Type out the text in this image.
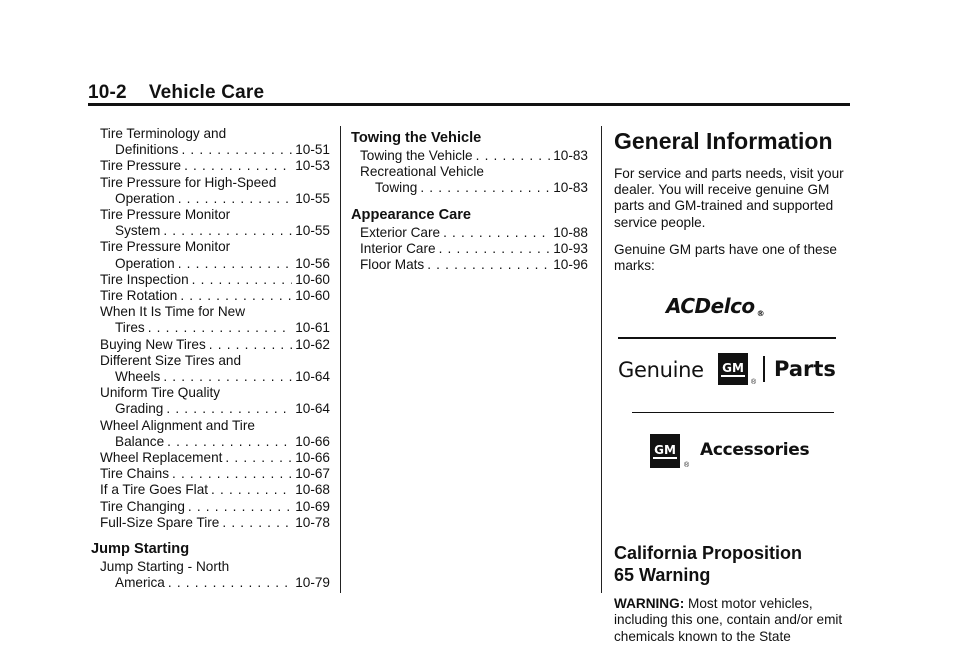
10-2 Vehicle Care
Tire Terminology and
Definitions . . .	10-51
Tire Pressure . . .	10-53
Tire Pressure for High-Speed
Operation . . .	10-55
Tire Pressure Monitor
System . . .	10-55
Tire Pressure Monitor
Operation . . .	10-56
Tire Inspection . . .	10-60
Tire Rotation . . .	10-60
When It Is Time for New
Tires . . .	10-61
Buying New Tires . . .	10-62
Different Size Tires and
Wheels . . .	10-64
Uniform Tire Quality
Grading . . .	10-64
Wheel Alignment and Tire
Balance . . .	10-66
Wheel Replacement . . .	10-66
Tire Chains . . .	10-67
If a Tire Goes Flat . . .	10-68
Tire Changing . . .	10-69
Full-Size Spare Tire . . .	10-78
Jump Starting
Jump Starting - North
America . . .	10-79
Towing the Vehicle
Towing the Vehicle . . .	10-83
Recreational Vehicle
Towing . . .	10-83
Appearance Care
Exterior Care . . .	10-88
Interior Care . . .	10-93
Floor Mats . . .	10-96
General Information

For service and parts needs, visit your dealer. You will receive genuine GM parts and GM-trained and supported service people.

Genuine GM parts have one of these marks:

ACDelco ®
Genuine GM
®
Parts
GM
®
Accessories
California Proposition
65 Warning

WARNING: Most motor vehicles, including this one, contain and/or emit chemicals known to the State
